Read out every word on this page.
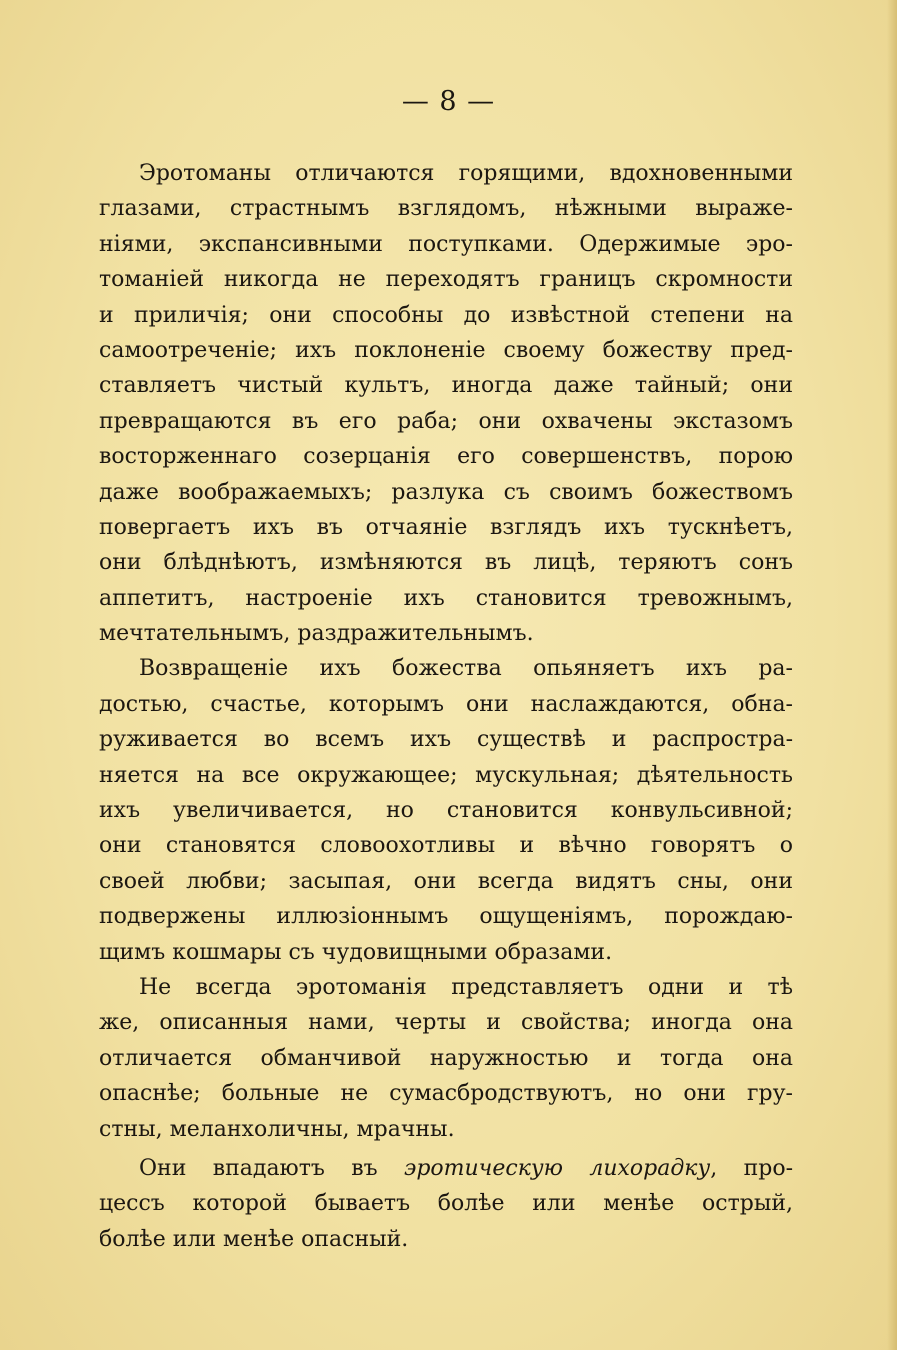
— 8 —
Эротоманы отличаются горящими, вдохновенными
глазами, страстнымъ взглядомъ, нѣжными выраже-
ніями, экспансивными поступками. Одержимые эро-
томаніей никогда не переходятъ границъ скромности
и приличія; они способны до извѣстной степени на
самоотреченіе; ихъ поклоненіе своему божеству пред-
ставляетъ чистый культъ, иногда даже тайный; они
превращаются въ его раба; они охвачены экстазомъ
восторженнаго созерцанія его совершенствъ, порою
даже воображаемыхъ; разлука съ своимъ божествомъ
повергаетъ ихъ въ отчаяніе взглядъ ихъ тускнѣетъ,
они блѣднѣютъ, измѣняются въ лицѣ, теряютъ сонъ
аппетитъ, настроеніе ихъ становится тревожнымъ,
мечтательнымъ, раздражительнымъ.
Возвращеніе ихъ божества опьяняетъ ихъ ра-
достью, счастье, которымъ они наслаждаются, обна-
руживается во всемъ ихъ существѣ и распростра-
няется на все окружающее; мускульная; дѣятельность
ихъ увеличивается, но становится конвульсивной;
они становятся словоохотливы и вѣчно говорятъ о
своей любви; засыпая, они всегда видятъ сны, они
подвержены иллюзіоннымъ ощущеніямъ, порождаю-
щимъ кошмары съ чудовищными образами.
Не всегда эротоманія представляетъ одни и тѣ
же, описанныя нами, черты и свойства; иногда она
отличается обманчивой наружностью и тогда она
опаснѣе; больные не сумасбродствуютъ, но они гру-
стны, меланхоличны, мрачны.
Они впадаютъ въ эротическую лихорадку, про-
цессъ которой бываетъ болѣе или менѣе острый,
болѣе или менѣе опасный.
